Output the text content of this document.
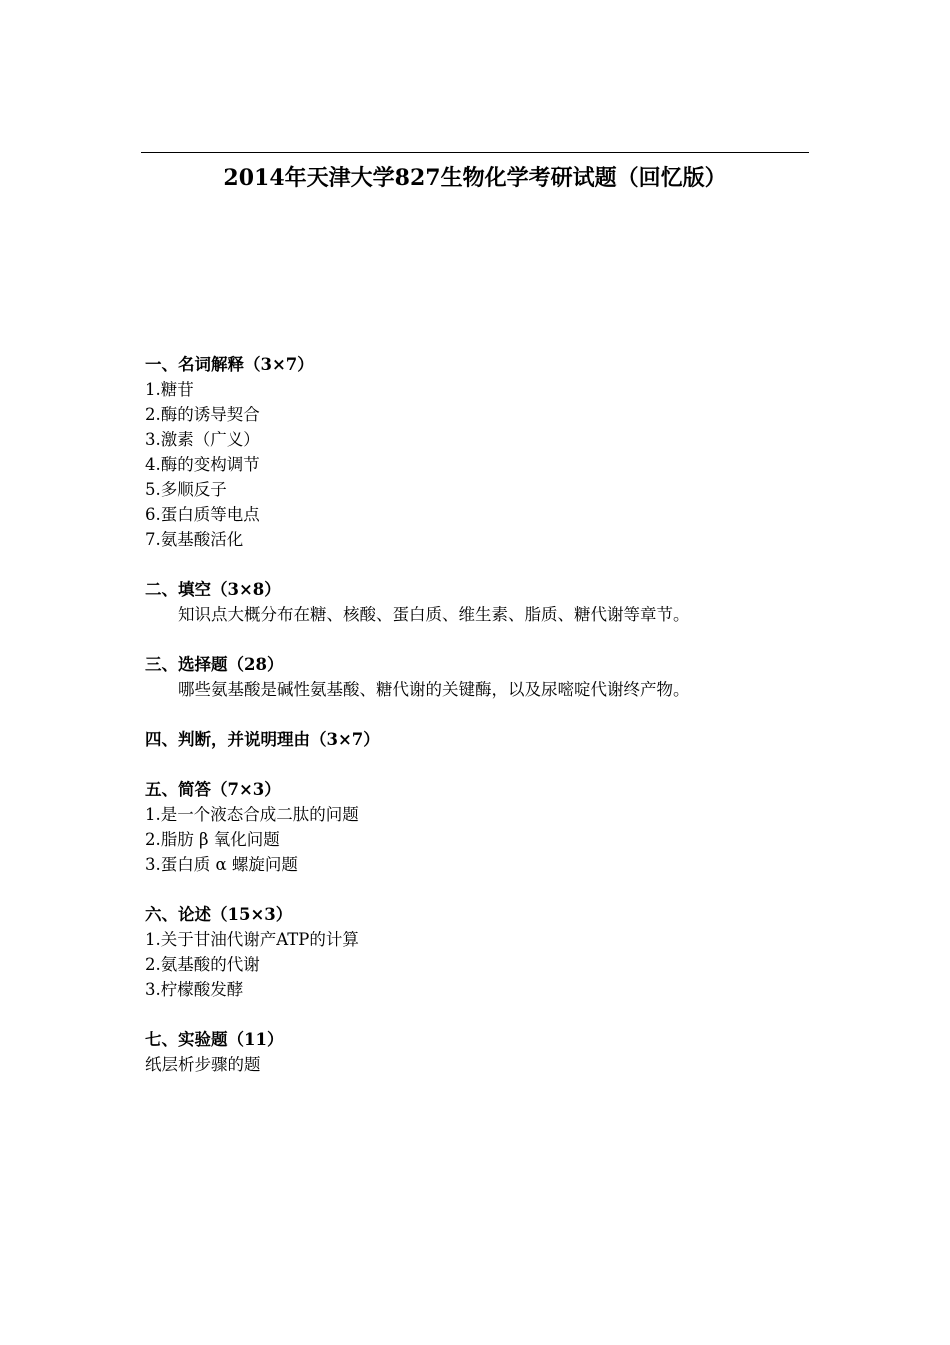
2014年天津大学827生物化学考研试题（回忆版）
一、名词解释（3×7）
1.糖苷
2.酶的诱导契合
3.激素（广义）
4.酶的变构调节
5.多顺反子
6.蛋白质等电点
7.氨基酸活化
二、填空（3×8）
知识点大概分布在糖、核酸、蛋白质、维生素、脂质、糖代谢等章节。
三、选择题（28）
哪些氨基酸是碱性氨基酸、糖代谢的关键酶，以及尿嘧啶代谢终产物。
四、判断，并说明理由（3×7）
五、简答（7×3）
1.是一个液态合成二肽的问题
2.脂肪 β 氧化问题
3.蛋白质 α 螺旋问题
六、论述（15×3）
1.关于甘油代谢产ATP的计算
2.氨基酸的代谢
3.柠檬酸发酵
七、实验题（11）
纸层析步骤的题
